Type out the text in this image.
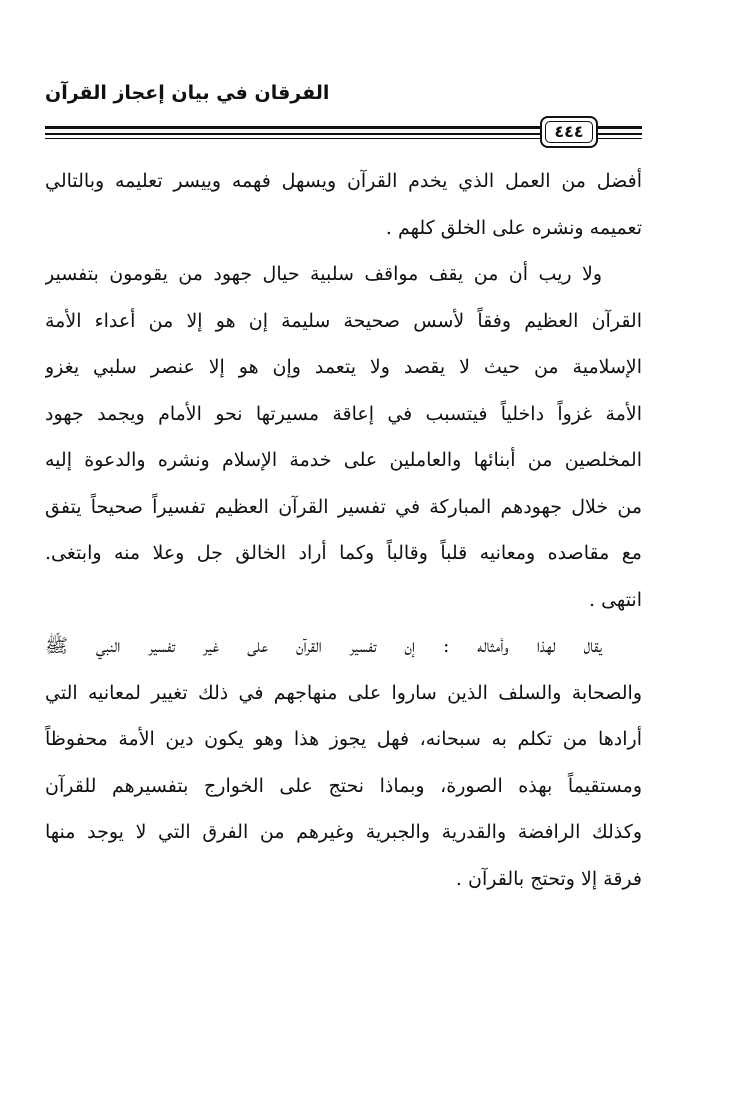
الفرقان في بيان إعجاز القرآن
٤٤٤
أفضل من العمل الذي يخدم القرآن ويسهل فهمه وييسر تعليمه وبالتالي
تعميمه ونشره على الخلق كلهم .
ولا ريب أن من يقف مواقف سلبية حيال جهود من يقومون بتفسير
القرآن العظيم وفقاً لأسس صحيحة سليمة إن هو إلا من أعداء الأمة
الإسلامية من حيث لا يقصد ولا يتعمد وإن هو إلا عنصر سلبي يغزو
الأمة غزواً داخلياً فيتسبب في إعاقة مسيرتها نحو الأمام ويجمد جهود
المخلصين من أبنائها والعاملين على خدمة الإسلام ونشره والدعوة إليه
من خلال جهودهم المباركة في تفسير القرآن العظيم تفسيراً صحيحاً يتفق
مع مقاصده ومعانيه قلباً وقالباً وكما أراد الخالق جل وعلا منه وابتغى.
انتهى .
يقال لهذا وأمثاله : إن تفسير القرآن على غير تفسير النبي ﷺ
والصحابة والسلف الذين ساروا على منهاجهم في ذلك تغيير لمعانيه التي
أرادها من تكلم به سبحانه، فهل يجوز هذا وهو يكون دين الأمة محفوظاً
ومستقيماً بهذه الصورة، وبماذا نحتج على الخوارج بتفسيرهم للقرآن
وكذلك الرافضة والقدرية والجبرية وغيرهم من الفرق التي لا يوجد منها
فرقة إلا وتحتج بالقرآن .
